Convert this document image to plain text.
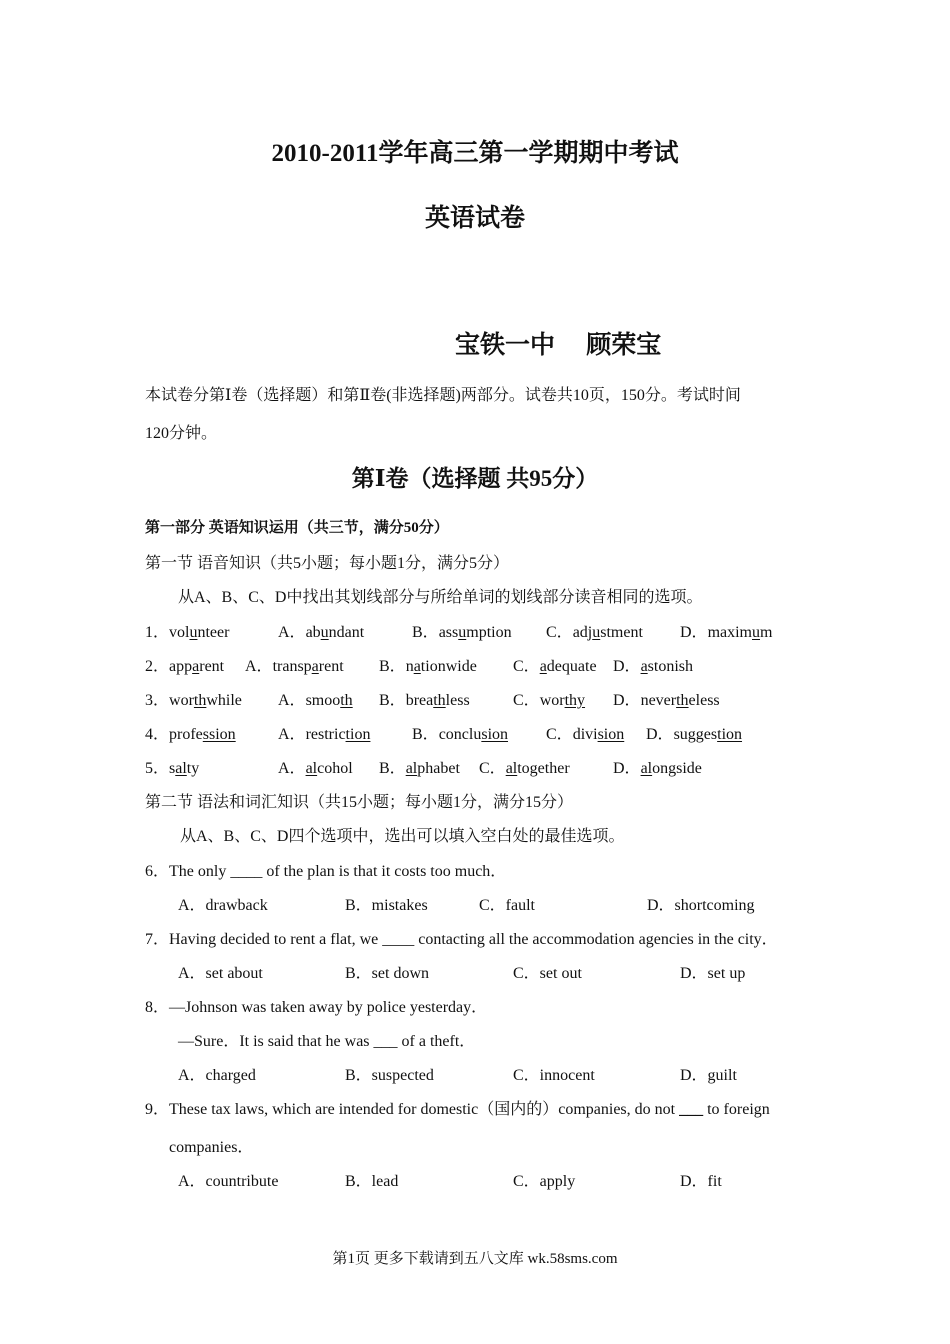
2010-2011学年高三第一学期期中考试
英语试卷
宝铁一中　 顾荣宝
本试卷分第Ⅰ卷（选择题）和第Ⅱ卷(非选择题)两部分。试卷共10页，150分。考试时间
120分钟。
第Ⅰ卷（选择题 共95分）
第一部分 英语知识运用（共三节，满分50分）
第一节 语音知识（共5小题；每小题1分，满分5分）
从A、B、C、D中找出其划线部分与所给单词的划线部分读音相同的选项。
1．volunteer	A．abundant	B．assumption C．adjustment D．maximum
2．apparent A．transparent B．nationwide C．adequate D．astonish
3．worthwhile A．smooth B．breathless	C．worthy D．nevertheless
4．profession	A．restriction	B．conclusion C．division D．suggestion
5．salty	A．alcohol B．alphabet C．altogether	D．alongside
第二节 语法和词汇知识（共15小题；每小题1分，满分15分）
从A、B、C、D四个选项中，选出可以填入空白处的最佳选项。
6．The only ____ of the plan is that it costs too much．
A．drawback	B．mistakes	C．fault	D．shortcoming
7．Having decided to rent a flat, we ____ contacting all the accommodation agencies in the city．
A．set about	B．set down	C．set out	D．set up
8．—Johnson was taken away by police yesterday．
—Sure．It is said that he was ___ of a theft．
A．charged	B．suspected	C．innocent	D．guilt
9．These tax laws, which are intended for domestic（国内的）companies, do not ___ to foreign
companies．
A．countribute	B．lead	C．apply	D．fit
第1页 更多下载请到五八文库 wk.58sms.com
